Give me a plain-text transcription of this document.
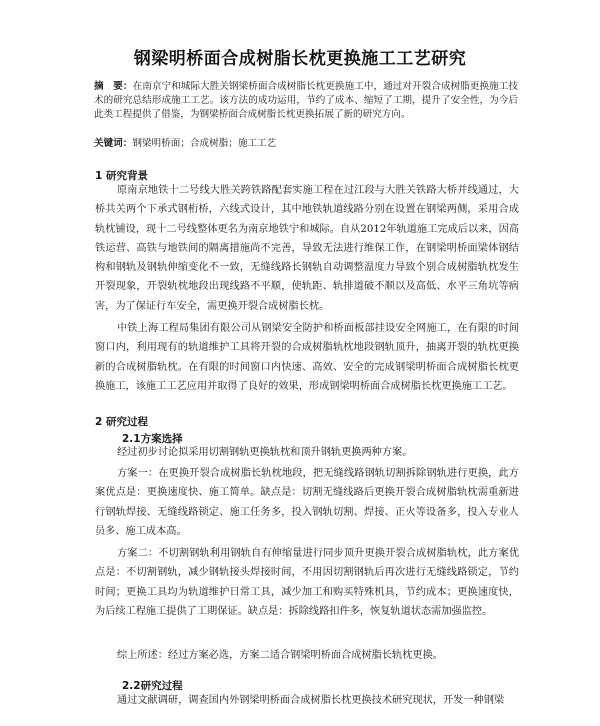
钢梁明桥面合成树脂长枕更换施工工艺研究
摘　要：在南京宁和城际大胜关钢梁桥面合成树脂长枕更换施工中，通过对开裂合成树脂更换施工技术的研究总结形成施工工艺。该方法的成功运用，节约了成本、缩短了工期，提升了安全性，为今后此类工程提供了借鉴，为钢梁桥面合成树脂长枕更换拓展了新的研究方向。
关键词：钢梁明桥面；合成树脂；施工工艺
1 研究背景

原南京地铁十二号线大胜关跨铁路配套实施工程在过江段与大胜关铁路大桥并线通过，大桥共关两个下承式钢桁桥，六线式设计，其中地铁轨道线路分别在设置在钢梁两侧，采用合成轨枕铺设，现十二号线整体更名为南京地铁宁和城际。自从2012年轨道施工完成后以来，因高铁运营、高铁与地铁间的隔离措施尚不完善，导致无法进行维保工作，在钢梁明桥面梁体钢结构和钢轨及钢轨伸缩变化不一致，无缝线路长钢轨自动调整温度力导致个别合成树脂轨枕发生开裂现象，开裂轨枕地段出现线路不平顺，使轨距、轨排道破不顺以及高低、水平三角坑等病害，为了保证行车安全，需更换开裂合成树脂长枕。

中铁上海工程局集团有限公司从钢梁安全防护和桥面板部挂设安全网施工，在有限的时间窗口内，利用现有的轨道维护工具将开裂的合成树脂轨枕地段钢轨顶升，抽离开裂的轨枕更换新的合成树脂轨枕。在有限的时间窗口内快速、高效、安全的完成钢梁明桥面合成树脂长枕更换施工，该施工工艺应用并取得了良好的效果，形成钢梁明桥面合成树脂长枕更换施工工艺。

2 研究过程
2.1方案选择

经过初步讨论拟采用切割钢轨更换轨枕和顶升钢轨更换两种方案。

方案一：在更换开裂合成树脂长轨枕地段，把无缝线路钢轨切割拆除钢轨进行更换，此方案优点是：更换速度快、施工简单。缺点是：切割无缝线路后更换开裂合成树脂轨枕需重新进行钢轨焊接、无缝线路锁定、施工任务多，投入钢轨切割、焊接、正火等设备多，投入专业人员多、施工成本高。

方案二：不切割钢轨利用钢轨自有伸缩量进行同步顶升更换开裂合成树脂轨枕，此方案优点是：不切割钢轨，减少钢轨接头焊接时间，不用因切割钢轨后再次进行无缝线路锁定，节约时间；更换工具均为轨道维护日常工具，减少加工和购买特殊机具，节约成本；更换速度快，为后续工程施工提供了工期保证。缺点是：拆除线路扣件多，恢复轨道状态需加强监控。

综上所述：经过方案必选，方案二适合钢梁明桥面合成树脂长轨枕更换。

2.2研究过程

通过文献调研，调查国内外钢梁明桥面合成树脂长枕更换技术研究现状，开发一种钢梁
